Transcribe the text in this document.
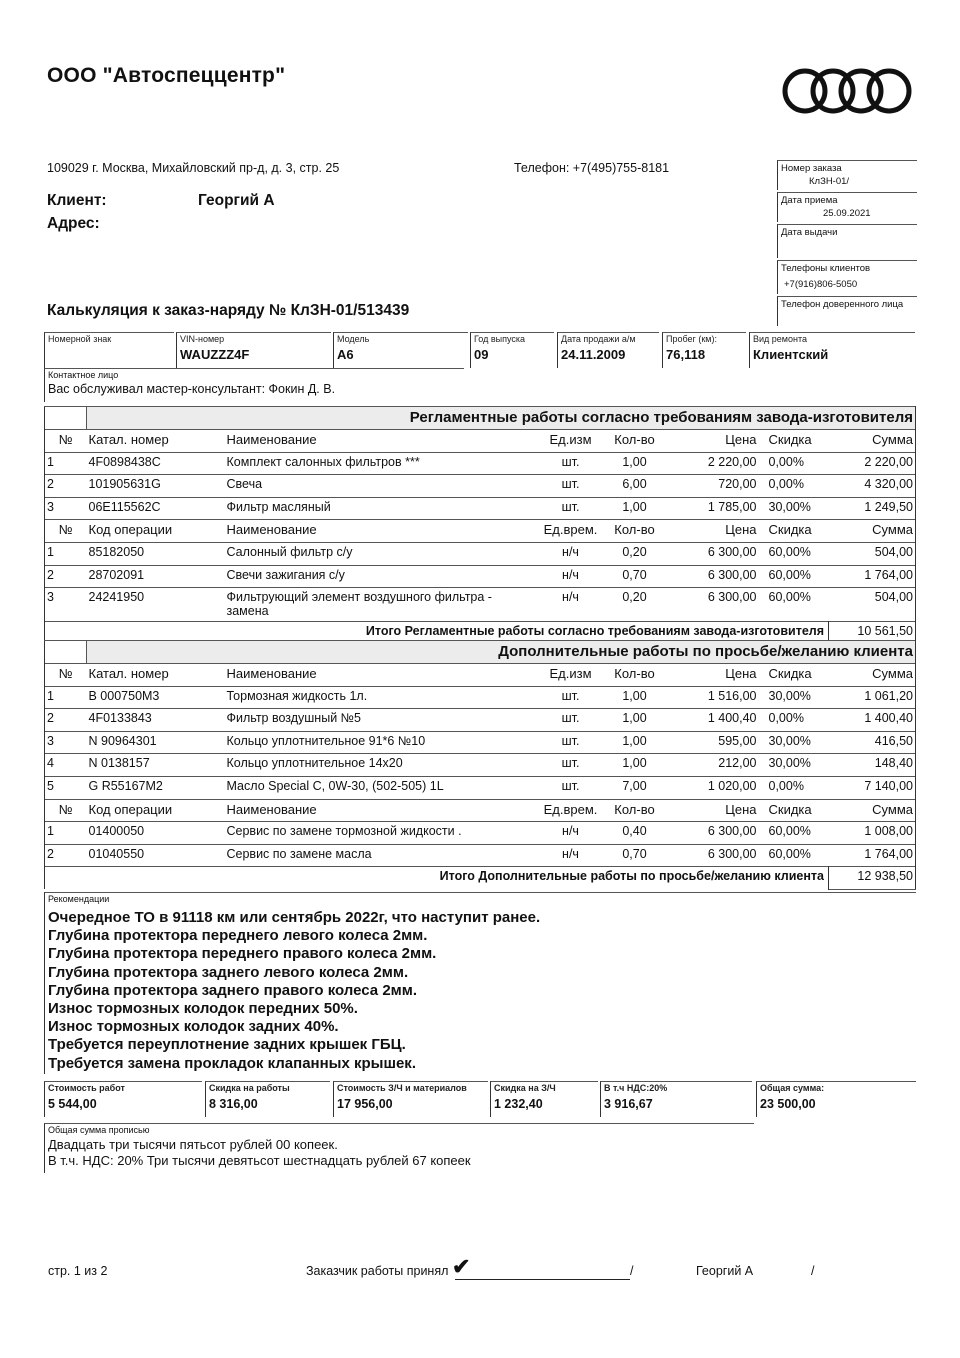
ООО "Автоспеццентр"
109029 г. Москва, Михайловский пр-д, д. 3, стр. 25	Телефон: +7(495)755-8181
Клиент:	Георгий А
Адрес:
Номер заказа
КлЗН-01/
Дата приема
25.09.2021
Дата выдачи
Телефоны клиентов
+7(916)806-5050
Телефон доверенного лица
Калькуляция к заказ-наряду № КлЗН-01/513439
Номерной знак	VIN-номер
WAUZZZ4F
Модель
A6
Год выпуска
09
Дата продажи а/м
24.11.2009
Пробег (км):
76,118
Вид ремонта
Клиентский
Контактное лицо
Вас обслуживал мастер-консультант: Фокин Д. В.
	Регламентные работы согласно требованиям завода-изготовителя						
№	Катал. номер	Наименование	Ед.изм	Кол-во	Цена	Скидка	Сумма
1	4F0898438C	Комплект салонных фильтров ***	шт.	1,00	2 220,00	0,00%	2 220,00
2	101905631G	Свеча	шт.	6,00	720,00	0,00%	4 320,00
3	06E115562C	Фильтр масляный	шт.	1,00	1 785,00	30,00%	1 249,50
№	Код операции	Наименование	Ед.врем.	Кол-во	Цена	Скидка	Сумма
1	85182050	Салонный фильтр с/у	н/ч	0,20	6 300,00	60,00%	504,00
2	28702091	Свечи зажигания с/у	н/ч	0,70	6 300,00	60,00%	1 764,00
3	24241950	Фильтрующий элемент воздушного фильтра - замена	н/ч	0,20	6 300,00	60,00%	504,00
Итого Регламентные работы согласно требованиям завода-изготовителя							10 561,50
	Дополнительные работы по просьбе/желанию клиента						
№	Катал. номер	Наименование	Ед.изм	Кол-во	Цена	Скидка	Сумма
1	B 000750M3	Тормозная жидкость 1л.	шт.	1,00	1 516,00	30,00%	1 061,20
2	4F0133843	Фильтр воздушный №5	шт.	1,00	1 400,40	0,00%	1 400,40
3	N 90964301	Кольцо уплотнительное 91*6 №10	шт.	1,00	595,00	30,00%	416,50
4	N 0138157	Кольцо уплотнительное 14x20	шт.	1,00	212,00	30,00%	148,40
5	G R55167M2	Масло Special C, 0W-30, (502-505) 1L	шт.	7,00	1 020,00	0,00%	7 140,00
№	Код операции	Наименование	Ед.врем.	Кол-во	Цена	Скидка	Сумма
1	01400050	Сервис по замене тормозной жидкости .	н/ч	0,40	6 300,00	60,00%	1 008,00
2	01040550	Сервис по замене масла	н/ч	0,70	6 300,00	60,00%	1 764,00
Итого Дополнительные работы по просьбе/желанию клиента							12 938,50
Рекомендации
Очередное ТО в 91118 км или сентябрь 2022г, что наступит ранее.
Глубина протектора переднего левого колеса 2мм.
Глубина протектора переднего правого колеса 2мм.
Глубина протектора заднего левого колеса 2мм.
Глубина протектора заднего правого колеса 2мм.
Износ тормозных колодок передних 50%.
Износ тормозных колодок задних 40%.
Требуется переуплотнение задних крышек ГБЦ.
Требуется замена прокладок клапанных крышек.
Стоимость работ
5 544,00
Скидка на работы
8 316,00
Стоимость З/Ч и материалов
17 956,00
Скидка на З/Ч
1 232,40
В т.ч НДС:20%
3 916,67
Общая сумма:
23 500,00
Общая сумма прописью
Двадцать три тысячи пятьсот рублей 00 копеек.
В т.ч. НДС: 20% Три тысячи девятьсот шестнадцать рублей 67 копеек
стр. 1 из 2	Заказчик работы принял ✔	/	Георгий А	/
